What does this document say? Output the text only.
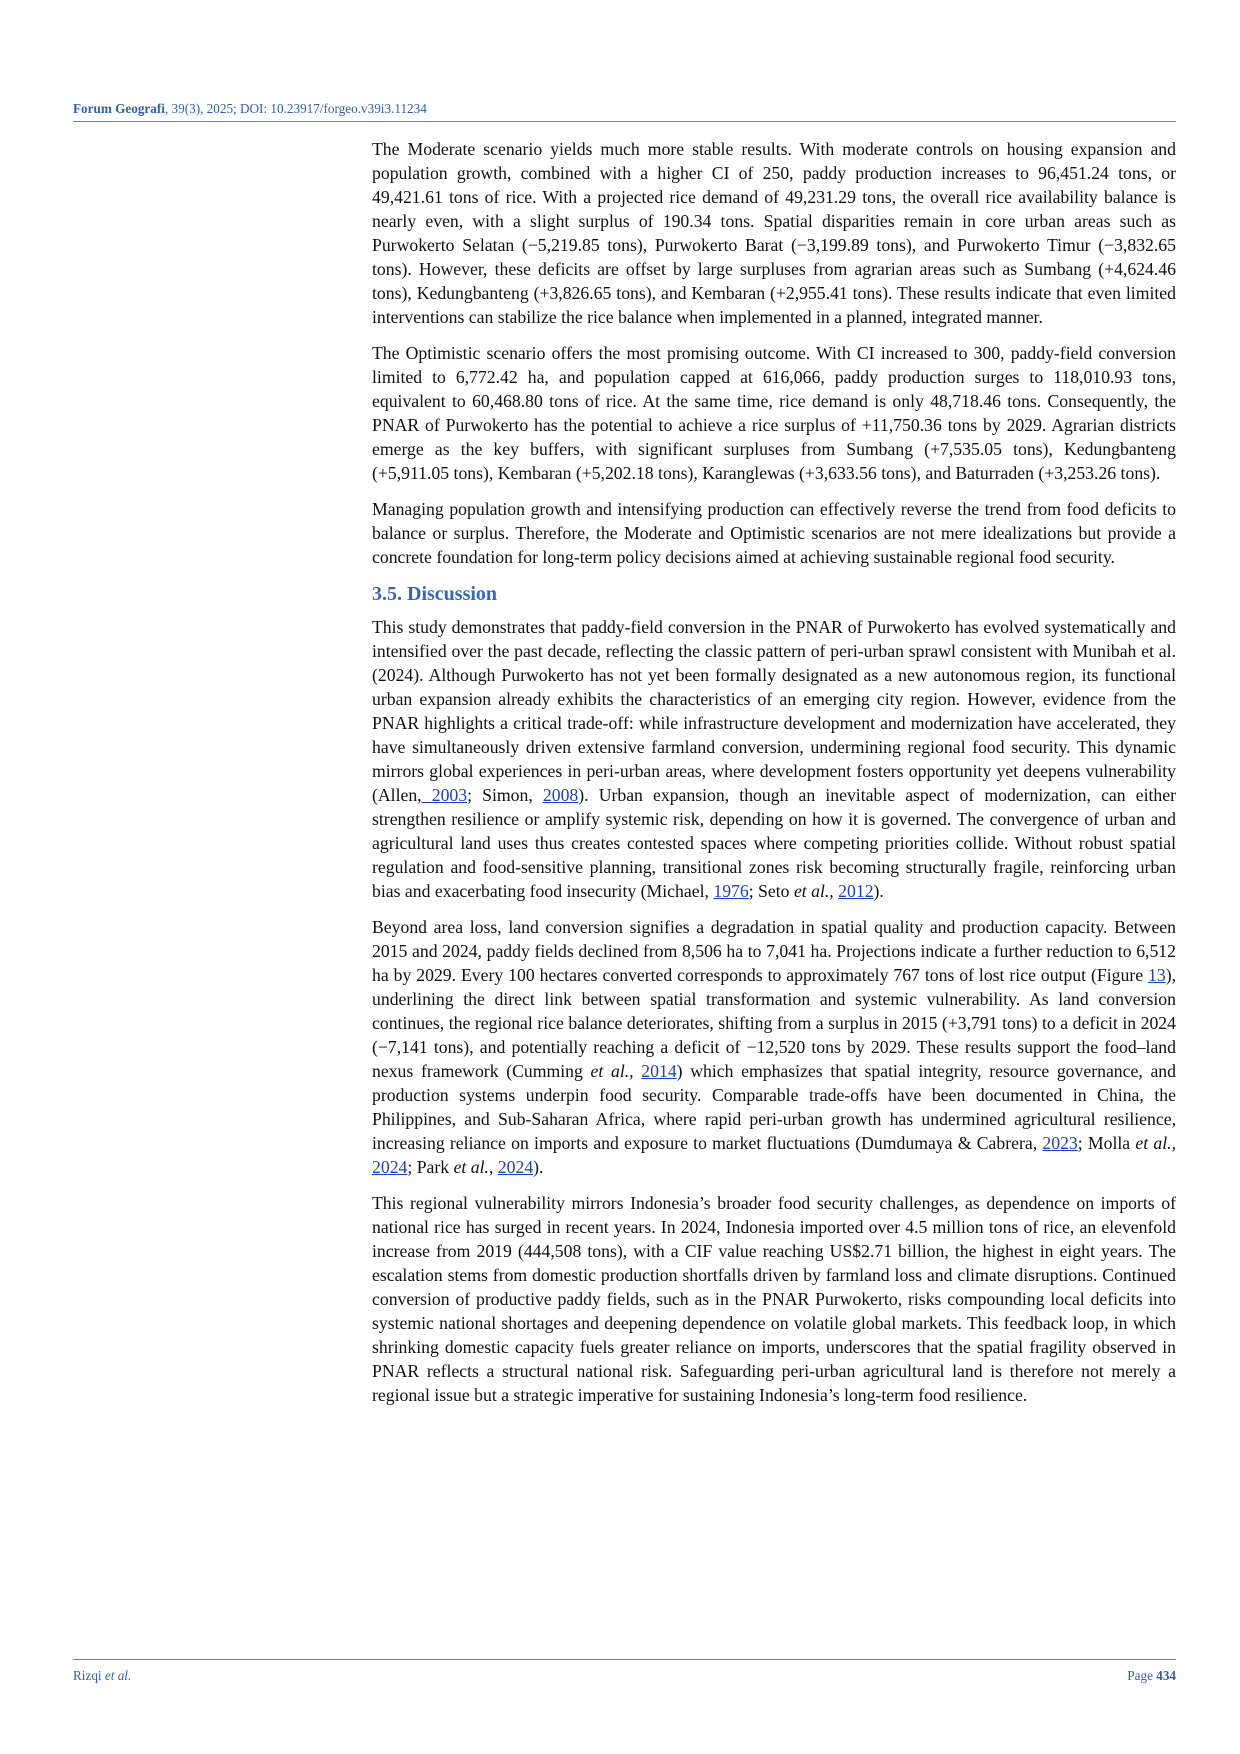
Forum Geografi, 39(3), 2025; DOI: 10.23917/forgeo.v39i3.11234

The Moderate scenario yields much more stable results. With moderate controls on housing expansion and population growth, combined with a higher CI of 250, paddy production increases to 96,451.24 tons, or 49,421.61 tons of rice. With a projected rice demand of 49,231.29 tons, the overall rice availability balance is nearly even, with a slight surplus of 190.34 tons. Spatial disparities remain in core urban areas such as Purwokerto Selatan (−5,219.85 tons), Purwokerto Barat (−3,199.89 tons), and Purwokerto Timur (−3,832.65 tons). However, these deficits are offset by large surpluses from agrarian areas such as Sumbang (+4,624.46 tons), Kedungbanteng (+3,826.65 tons), and Kembaran (+2,955.41 tons). These results indicate that even limited interventions can stabilize the rice balance when implemented in a planned, integrated manner.

The Optimistic scenario offers the most promising outcome. With CI increased to 300, paddy-field conversion limited to 6,772.42 ha, and population capped at 616,066, paddy production surges to 118,010.93 tons, equivalent to 60,468.80 tons of rice. At the same time, rice demand is only 48,718.46 tons. Consequently, the PNAR of Purwokerto has the potential to achieve a rice surplus of +11,750.36 tons by 2029. Agrarian districts emerge as the key buffers, with significant surpluses from Sumbang (+7,535.05 tons), Kedungbanteng (+5,911.05 tons), Kembaran (+5,202.18 tons), Karanglewas (+3,633.56 tons), and Baturraden (+3,253.26 tons).

Managing population growth and intensifying production can effectively reverse the trend from food deficits to balance or surplus. Therefore, the Moderate and Optimistic scenarios are not mere idealizations but provide a concrete foundation for long-term policy decisions aimed at achieving sustainable regional food security.

3.5. Discussion

This study demonstrates that paddy-field conversion in the PNAR of Purwokerto has evolved systematically and intensified over the past decade, reflecting the classic pattern of peri-urban sprawl consistent with Munibah et al. (2024). Although Purwokerto has not yet been formally designated as a new autonomous region, its functional urban expansion already exhibits the characteristics of an emerging city region. However, evidence from the PNAR highlights a critical trade-off: while infrastructure development and modernization have accelerated, they have simultaneously driven extensive farmland conversion, undermining regional food security. This dynamic mirrors global experiences in peri-urban areas, where development fosters opportunity yet deepens vulnerability (Allen, 2003; Simon, 2008). Urban expansion, though an inevitable aspect of modernization, can either strengthen resilience or amplify systemic risk, depending on how it is governed. The convergence of urban and agricultural land uses thus creates contested spaces where competing priorities collide. Without robust spatial regulation and food-sensitive planning, transitional zones risk becoming structurally fragile, reinforcing urban bias and exacerbating food insecurity (Michael, 1976; Seto et al., 2012).

Beyond area loss, land conversion signifies a degradation in spatial quality and production capacity. Between 2015 and 2024, paddy fields declined from 8,506 ha to 7,041 ha. Projections indicate a further reduction to 6,512 ha by 2029. Every 100 hectares converted corresponds to approximately 767 tons of lost rice output (Figure 13), underlining the direct link between spatial transformation and systemic vulnerability. As land conversion continues, the regional rice balance deteriorates, shifting from a surplus in 2015 (+3,791 tons) to a deficit in 2024 (−7,141 tons), and potentially reaching a deficit of −12,520 tons by 2029. These results support the food–land nexus framework (Cumming et al., 2014) which emphasizes that spatial integrity, resource governance, and production systems underpin food security. Comparable trade-offs have been documented in China, the Philippines, and Sub-Saharan Africa, where rapid peri-urban growth has undermined agricultural resilience, increasing reliance on imports and exposure to market fluctuations (Dumdumaya & Cabrera, 2023; Molla et al., 2024; Park et al., 2024).

This regional vulnerability mirrors Indonesia’s broader food security challenges, as dependence on imports of national rice has surged in recent years. In 2024, Indonesia imported over 4.5 million tons of rice, an elevenfold increase from 2019 (444,508 tons), with a CIF value reaching US$2.71 billion, the highest in eight years. The escalation stems from domestic production shortfalls driven by farmland loss and climate disruptions. Continued conversion of productive paddy fields, such as in the PNAR Purwokerto, risks compounding local deficits into systemic national shortages and deepening dependence on volatile global markets. This feedback loop, in which shrinking domestic capacity fuels greater reliance on imports, underscores that the spatial fragility observed in PNAR reflects a structural national risk. Safeguarding peri-urban agricultural land is therefore not merely a regional issue but a strategic imperative for sustaining Indonesia’s long-term food resilience.

Rizqi et al.	Page 434
